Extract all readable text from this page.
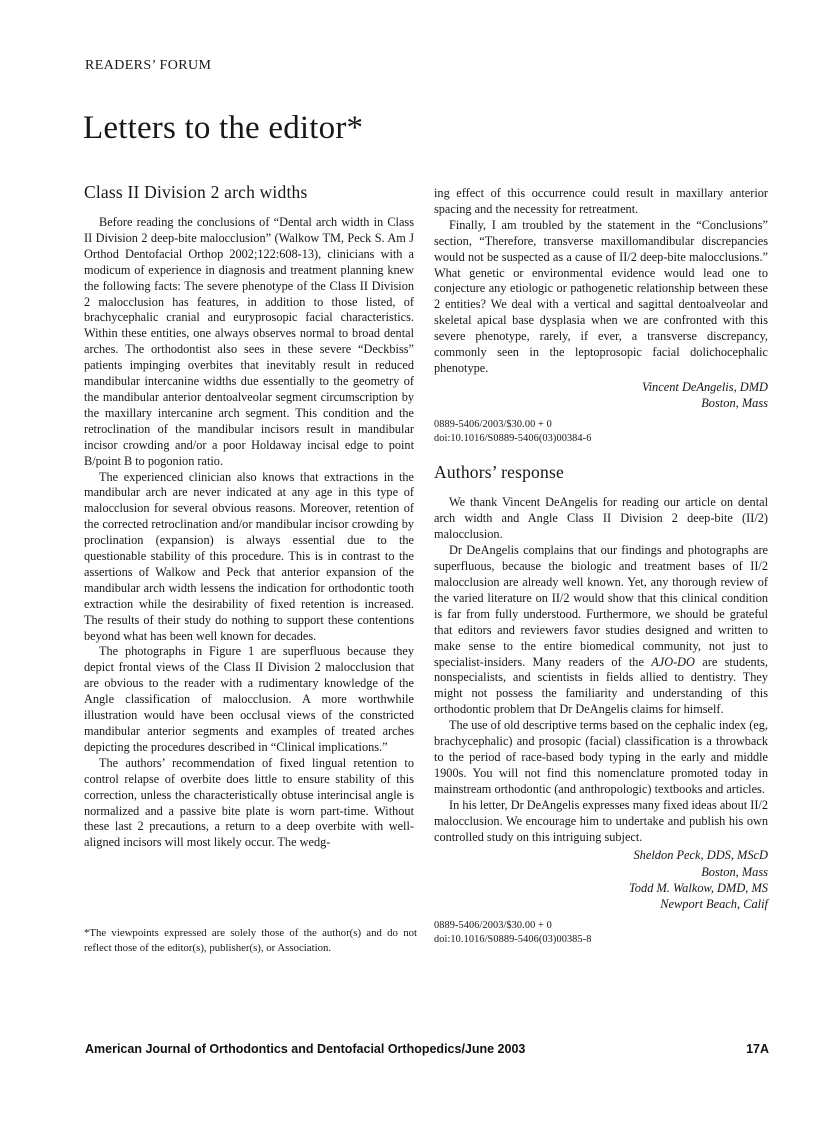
READERS’ FORUM
Letters to the editor*
Class II Division 2 arch widths

Before reading the conclusions of “Dental arch width in Class II Division 2 deep-bite malocclusion” (Walkow TM, Peck S. Am J Orthod Dentofacial Orthop 2002;122:608-13), clinicians with a modicum of experience in diagnosis and treatment planning knew the following facts: The severe phenotype of the Class II Division 2 malocclusion has features, in addition to those listed, of brachycephalic cranial and euryprosopic facial characteristics. Within these entities, one always observes normal to broad dental arches. The orthodontist also sees in these severe “Deckbiss” patients impinging overbites that inevitably result in reduced mandibular intercanine widths due essentially to the geometry of the mandibular anterior dentoalveolar segment circumscription by the maxillary intercanine arch segment. This condition and the retroclination of the mandibular incisors result in mandibular incisor crowding and/or a poor Holdaway incisal edge to point B/point B to pogonion ratio.

The experienced clinician also knows that extractions in the mandibular arch are never indicated at any age in this type of malocclusion for several obvious reasons. Moreover, retention of the corrected retroclination and/or mandibular incisor crowding by proclination (expansion) is always essential due to the questionable stability of this procedure. This is in contrast to the assertions of Walkow and Peck that anterior expansion of the mandibular arch width lessens the indication for orthodontic tooth extraction while the desirability of fixed retention is increased. The results of their study do nothing to support these contentions beyond what has been well known for decades.

The photographs in Figure 1 are superfluous because they depict frontal views of the Class II Division 2 malocclusion that are obvious to the reader with a rudimentary knowledge of the Angle classification of malocclusion. A more worthwhile illustration would have been occlusal views of the constricted mandibular anterior segments and examples of treated arches depicting the procedures described in “Clinical implications.”

The authors’ recommendation of fixed lingual retention to control relapse of overbite does little to ensure stability of this correction, unless the characteristically obtuse interincisal angle is normalized and a passive bite plate is worn part-time. Without these last 2 precautions, a return to a deep overbite with well-aligned incisors will most likely occur. The wedg-

ing effect of this occurrence could result in maxillary anterior spacing and the necessity for retreatment.

Finally, I am troubled by the statement in the “Conclusions” section, “Therefore, transverse maxillomandibular discrepancies would not be suspected as a cause of II/2 deep-bite malocclusions.” What genetic or environmental evidence would lead one to conjecture any etiologic or pathogenetic relationship between these 2 entities? We deal with a vertical and sagittal dentoalveolar and skeletal apical base dysplasia when we are confronted with this severe phenotype, rarely, if ever, a transverse discrepancy, commonly seen in the leptoprosopic facial dolichocephalic phenotype.

Vincent DeAngelis, DMD
Boston, Mass
0889-5406/2003/$30.00 + 0
doi:10.1016/S0889-5406(03)00384-6
Authors’ response

We thank Vincent DeAngelis for reading our article on dental arch width and Angle Class II Division 2 deep-bite (II/2) malocclusion.

Dr DeAngelis complains that our findings and photographs are superfluous, because the biologic and treatment bases of II/2 malocclusion are already well known. Yet, any thorough review of the varied literature on II/2 would show that this clinical condition is far from fully understood. Furthermore, we should be grateful that editors and reviewers favor studies designed and written to make sense to the entire biomedical community, not just to specialist-insiders. Many readers of the AJO-DO are students, nonspecialists, and scientists in fields allied to dentistry. They might not possess the familiarity and understanding of this orthodontic problem that Dr DeAngelis claims for himself.

The use of old descriptive terms based on the cephalic index (eg, brachycephalic) and prosopic (facial) classification is a throwback to the period of race-based body typing in the early and middle 1900s. You will not find this nomenclature promoted today in mainstream orthodontic (and anthropologic) textbooks and articles.

In his letter, Dr DeAngelis expresses many fixed ideas about II/2 malocclusion. We encourage him to undertake and publish his own controlled study on this intriguing subject.

Sheldon Peck, DDS, MScD
Boston, Mass
Todd M. Walkow, DMD, MS
Newport Beach, Calif
0889-5406/2003/$30.00 + 0
doi:10.1016/S0889-5406(03)00385-8
*The viewpoints expressed are solely those of the author(s) and do not reflect those of the editor(s), publisher(s), or Association.
American Journal of Orthodontics and Dentofacial Orthopedics/June 2003	17A
